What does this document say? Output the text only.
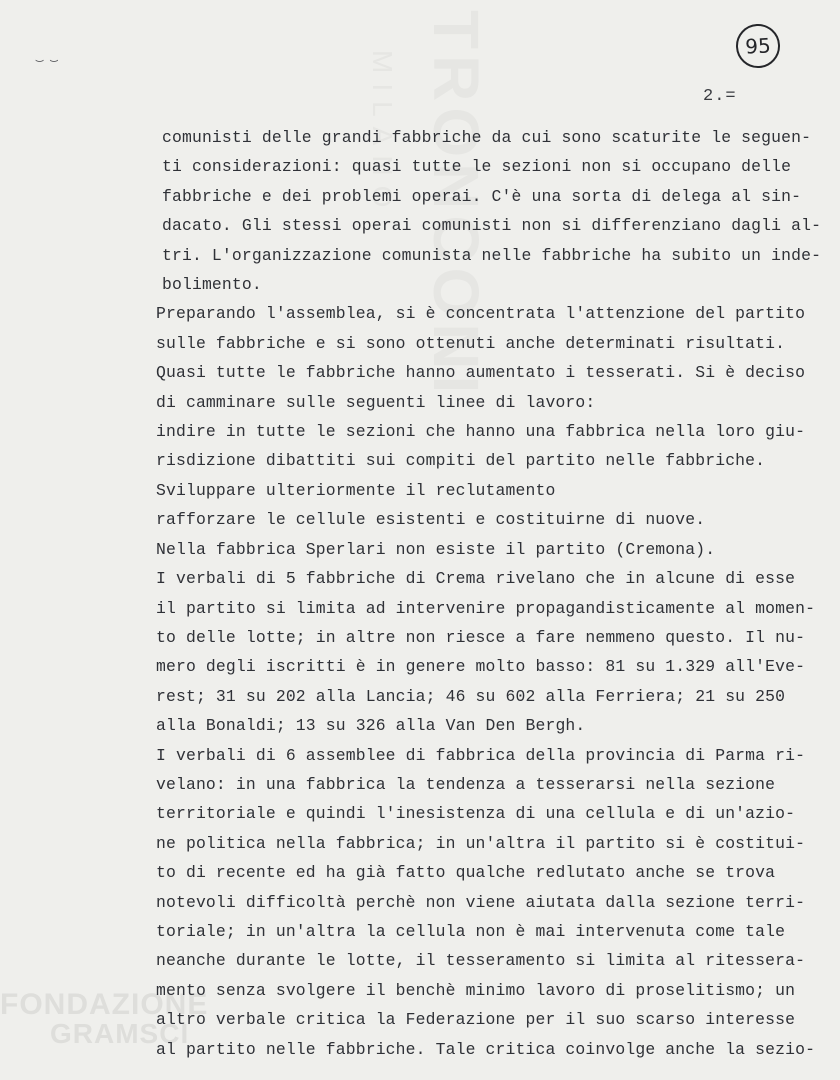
TRONCONI
MILANO
FONDAZIONE
GRAMSCI
‿ ‿	95
2.=
comunisti delle grandi fabbriche da cui sono scaturite le seguen-
ti considerazioni: quasi tutte le sezioni non si occupano delle
fabbriche e dei problemi operai. C'è una sorta di delega al sin-
dacato. Gli stessi operai comunisti non si differenziano dagli al-
tri. L'organizzazione comunista nelle fabbriche ha subito un inde-
bolimento.
Preparando l'assemblea, si è concentrata l'attenzione del partito
sulle fabbriche e si sono ottenuti anche determinati risultati.
Quasi tutte le fabbriche hanno aumentato i tesserati. Si è deciso
di camminare sulle seguenti linee di lavoro:
indire in tutte le sezioni che hanno una fabbrica nella loro giu-
risdizione dibattiti sui compiti del partito nelle fabbriche.
Sviluppare ulteriormente il reclutamento
rafforzare le cellule esistenti e costituirne di nuove.
Nella fabbrica Sperlari non esiste il partito (Cremona).
I verbali di 5 fabbriche di Crema rivelano che in alcune di esse
il partito si limita ad intervenire propagandisticamente al momen-
to delle lotte; in altre non riesce a fare nemmeno questo. Il nu-
mero degli iscritti è in genere molto basso: 81 su 1.329 all'Eve-
rest; 31 su 202 alla Lancia; 46 su 602 alla Ferriera; 21 su 250
alla Bonaldi; 13 su 326 alla Van Den Bergh.
I verbali di 6 assemblee di fabbrica della provincia di Parma ri-
velano: in una fabbrica la tendenza a tesserarsi nella sezione
territoriale e quindi l'inesistenza di una cellula e di un'azio-
ne politica nella fabbrica; in un'altra il partito si è costitui-
to di recente ed ha già fatto qualche redlutato anche se trova
notevoli difficoltà perchè non viene aiutata dalla sezione terri-
toriale; in un'altra la cellula non è mai intervenuta come tale
neanche durante le lotte, il tesseramento si limita al ritessera-
mento senza svolgere il benchè minimo lavoro di proselitismo; un
altro verbale critica la Federazione per il suo scarso interesse
al partito nelle fabbriche. Tale critica coinvolge anche la sezio-
